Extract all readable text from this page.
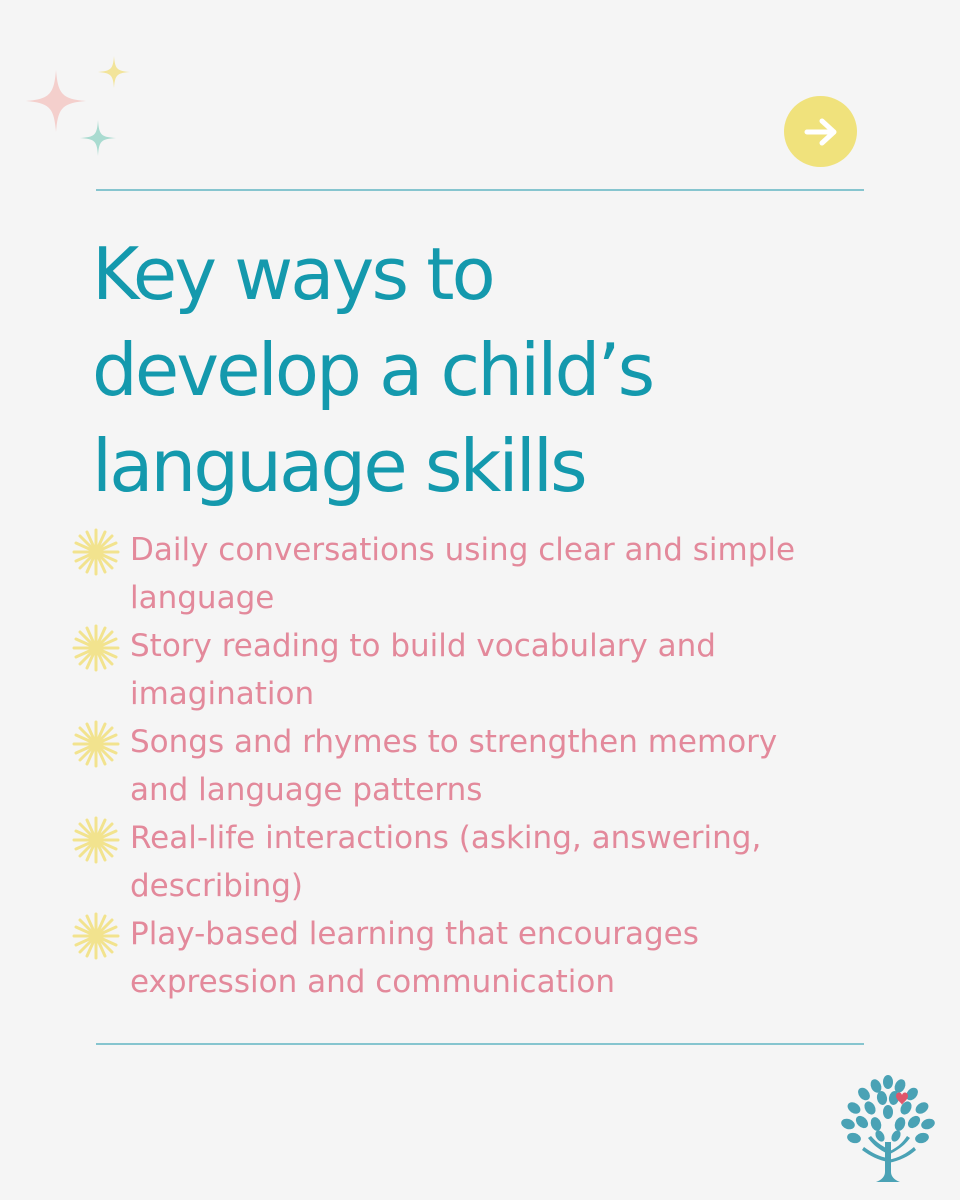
Key ways to
develop a child’s
language skills
Daily conversations using clear and simple
language
Story reading to build vocabulary and
imagination
Songs and rhymes to strengthen memory
and language patterns
Real-life interactions (asking, answering,
describing)
Play-based learning that encourages
expression and communication
